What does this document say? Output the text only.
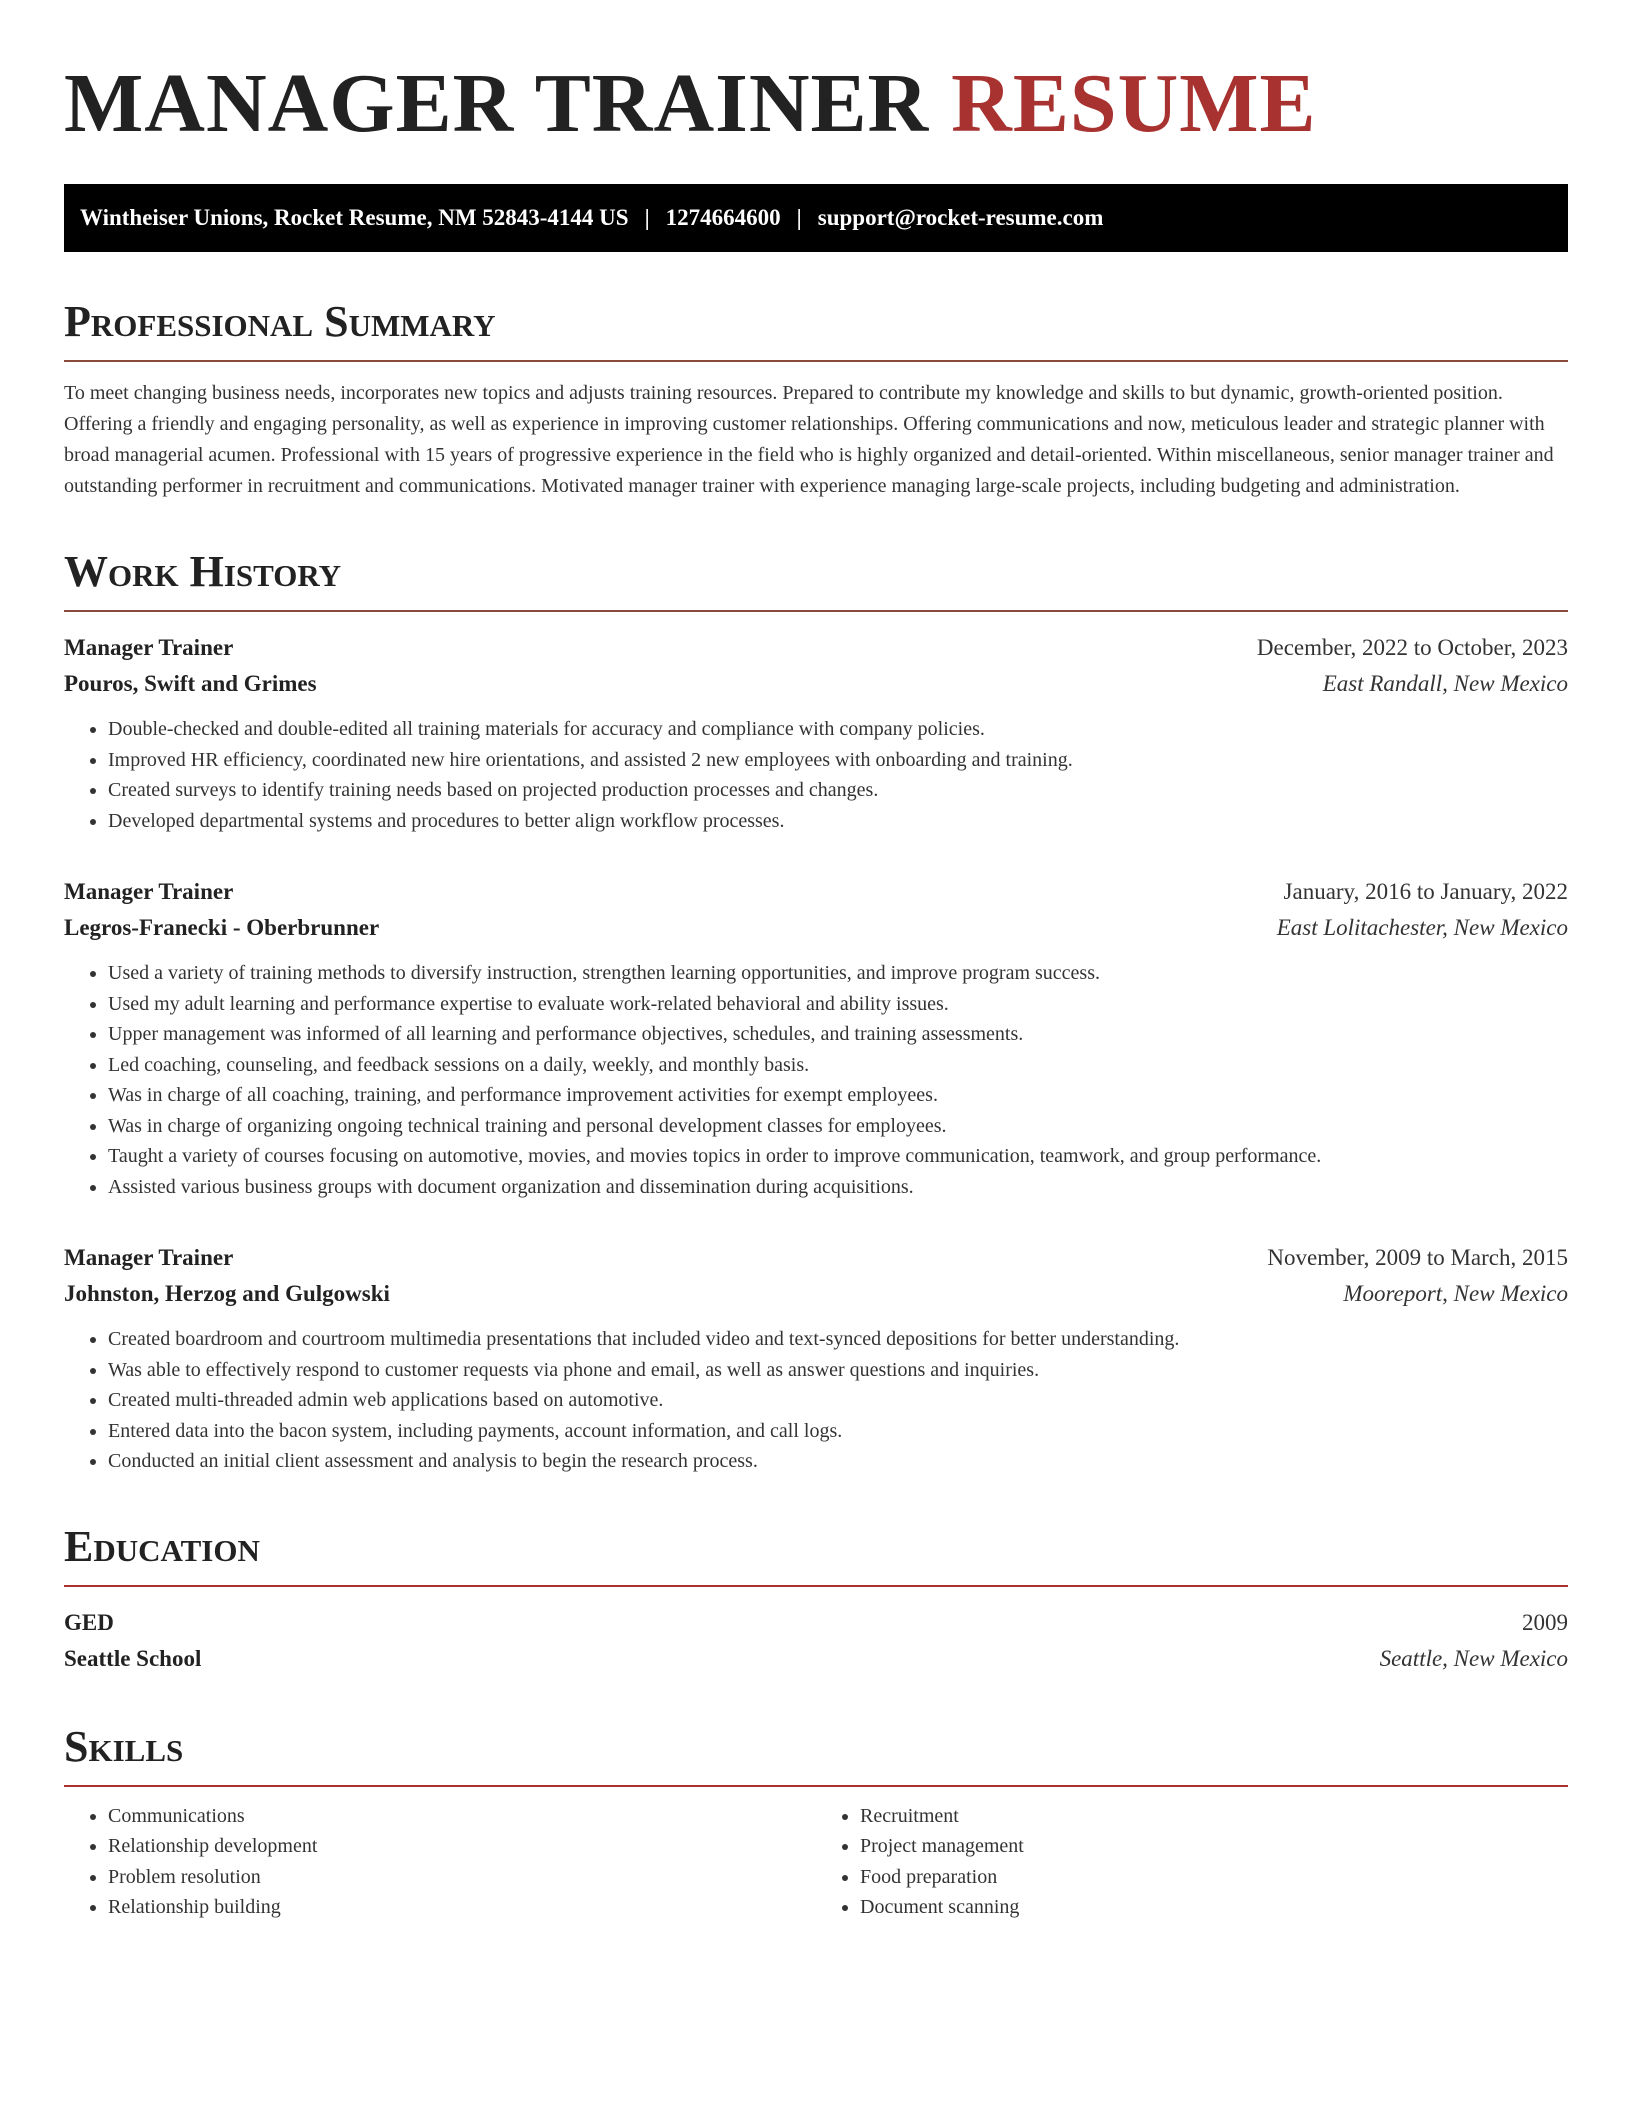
MANAGER TRAINER RESUME
Wintheiser Unions, Rocket Resume, NM 52843-4144 US | 1274664600 | support@rocket-resume.com
Professional Summary

To meet changing business needs, incorporates new topics and adjusts training resources. Prepared to contribute my knowledge and skills to but dynamic, growth-oriented position. Offering a friendly and engaging personality, as well as experience in improving customer relationships. Offering communications and now, meticulous leader and strategic planner with broad managerial acumen. Professional with 15 years of progressive experience in the field who is highly organized and detail-oriented. Within miscellaneous, senior manager trainer and outstanding performer in recruitment and communications. Motivated manager trainer with experience managing large-scale projects, including budgeting and administration.

Work History
Manager Trainer	December, 2022 to October, 2023
Pouros, Swift and Grimes	East Randall, New Mexico
• Double-checked and double-edited all training materials for accuracy and compliance with company policies.
• Improved HR efficiency, coordinated new hire orientations, and assisted 2 new employees with onboarding and training.
• Created surveys to identify training needs based on projected production processes and changes.
• Developed departmental systems and procedures to better align workflow processes.
Manager Trainer	January, 2016 to January, 2022
Legros-Franecki - Oberbrunner	East Lolitachester, New Mexico
• Used a variety of training methods to diversify instruction, strengthen learning opportunities, and improve program success.
• Used my adult learning and performance expertise to evaluate work-related behavioral and ability issues.
• Upper management was informed of all learning and performance objectives, schedules, and training assessments.
• Led coaching, counseling, and feedback sessions on a daily, weekly, and monthly basis.
• Was in charge of all coaching, training, and performance improvement activities for exempt employees.
• Was in charge of organizing ongoing technical training and personal development classes for employees.
• Taught a variety of courses focusing on automotive, movies, and movies topics in order to improve communication, teamwork, and group performance.
• Assisted various business groups with document organization and dissemination during acquisitions.
Manager Trainer	November, 2009 to March, 2015
Johnston, Herzog and Gulgowski	Mooreport, New Mexico
• Created boardroom and courtroom multimedia presentations that included video and text-synced depositions for better understanding.
• Was able to effectively respond to customer requests via phone and email, as well as answer questions and inquiries.
• Created multi-threaded admin web applications based on automotive.
• Entered data into the bacon system, including payments, account information, and call logs.
• Conducted an initial client assessment and analysis to begin the research process.
Education
GED	2009
Seattle School	Seattle, New Mexico
Skills
• Communications
• Relationship development
• Problem resolution
• Relationship building
• Recruitment
• Project management
• Food preparation
• Document scanning
